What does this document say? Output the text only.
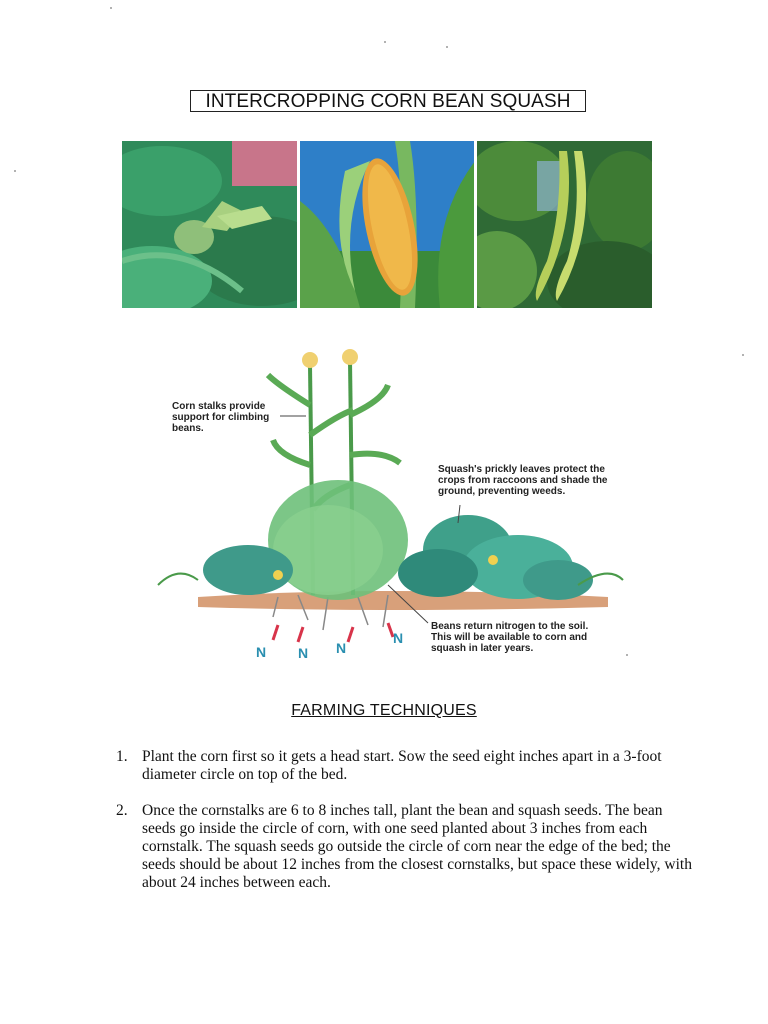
INTERCROPPING CORN BEAN SQUASH
N N N
N
Corn stalks provide support for climbing beans.
Squash's prickly leaves protect the crops from raccoons and shade the ground, preventing weeds.
Beans return nitrogen to the soil. This will be available to corn and squash in later years.
FARMING TECHNIQUES
1. Plant the corn first so it gets a head start. Sow the seed eight inches apart in a 3-foot diameter circle on top of the bed.
2. Once the cornstalks are 6 to 8 inches tall, plant the bean and squash seeds. The bean seeds go inside the circle of corn, with one seed planted about 3 inches from each cornstalk. The squash seeds go outside the circle of corn near the edge of the bed; the seeds should be about 12 inches from the closest cornstalks, but space these widely, with about 24 inches between each.
